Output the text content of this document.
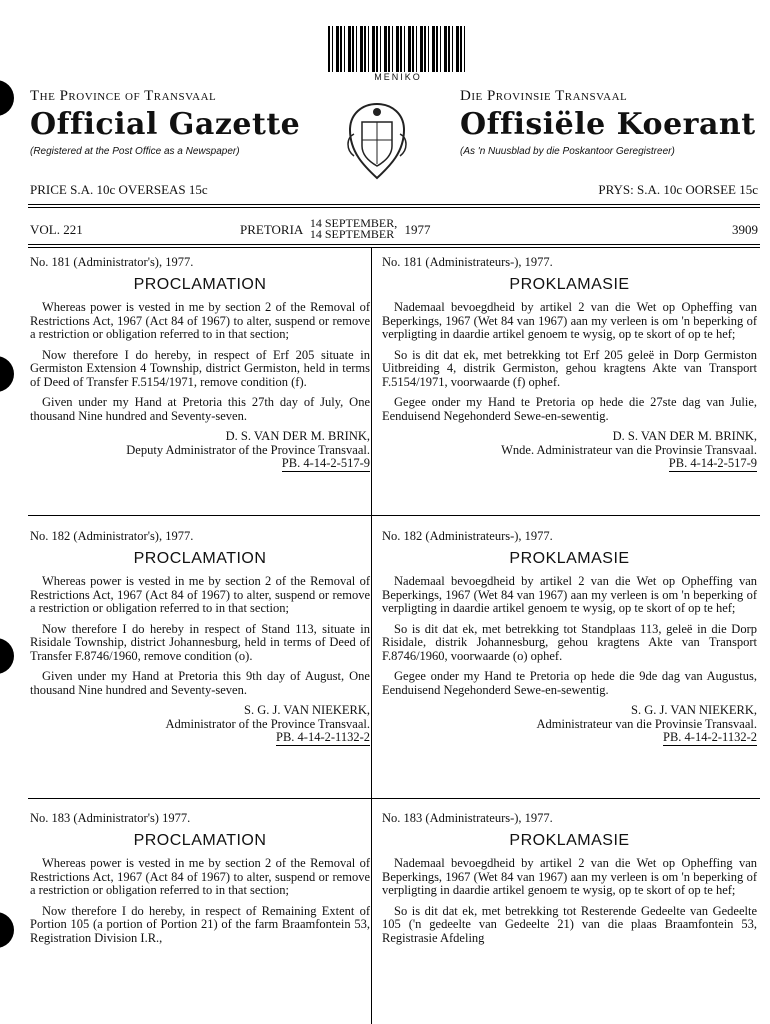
MENIKO
The Province of Transvaal
Official Gazette
(Registered at the Post Office as a Newspaper)
Die Provinsie Transvaal
Offisiële Koerant
(As 'n Nuusblad by die Poskantoor Geregistreer)
PRICE S.A. 10c OVERSEAS 15c	PRYS: S.A. 10c OORSEE 15c
VOL. 221	PRETORIA 14 SEPTEMBER,
14 SEPTEMBER 1977	3909
No. 181 (Administrator's), 1977.
PROCLAMATION

Whereas power is vested in me by section 2 of the Removal of Restrictions Act, 1967 (Act 84 of 1967) to alter, suspend or remove a restriction or obligation referred to in that section;

Now therefore I do hereby, in respect of Erf 205 situate in Germiston Extension 4 Township, district Germiston, held in terms of Deed of Transfer F.5154/1971, remove condition (f).

Given under my Hand at Pretoria this 27th day of July, One thousand Nine hundred and Seventy-seven.

D. S. VAN DER M. BRINK,
Deputy Administrator of the Province Transvaal.
PB. 4-14-2-517-9
No. 181 (Administrateurs-), 1977.
PROKLAMASIE

Nademaal bevoegdheid by artikel 2 van die Wet op Opheffing van Beperkings, 1967 (Wet 84 van 1967) aan my verleen is om 'n beperking of verpligting in daardie artikel genoem te wysig, op te skort of op te hef;

So is dit dat ek, met betrekking tot Erf 205 geleë in Dorp Germiston Uitbreiding 4, distrik Germiston, gehou kragtens Akte van Transport F.5154/1971, voorwaarde (f) ophef.

Gegee onder my Hand te Pretoria op hede die 27ste dag van Julie, Eenduisend Negehonderd Sewe-en-sewentig.

D. S. VAN DER M. BRINK,
Wnde. Administrateur van die Provinsie Transvaal.
PB. 4-14-2-517-9
No. 182 (Administrator's), 1977.
PROCLAMATION

Whereas power is vested in me by section 2 of the Removal of Restrictions Act, 1967 (Act 84 of 1967) to alter, suspend or remove a restriction or obligation referred to in that section;

Now therefore I do hereby in respect of Stand 113, situate in Risidale Township, district Johannesburg, held in terms of Deed of Transfer F.8746/1960, remove condition (o).

Given under my Hand at Pretoria this 9th day of August, One thousand Nine hundred and Seventy-seven.

S. G. J. VAN NIEKERK,
Administrator of the Province Transvaal.
PB. 4-14-2-1132-2
No. 182 (Administrateurs-), 1977.
PROKLAMASIE

Nademaal bevoegdheid by artikel 2 van die Wet op Opheffing van Beperkings, 1967 (Wet 84 van 1967) aan my verleen is om 'n beperking of verpligting in daardie artikel genoem te wysig, op te skort of op te hef;

So is dit dat ek, met betrekking tot Standplaas 113, geleë in die Dorp Risidale, distrik Johannesburg, gehou kragtens Akte van Transport F.8746/1960, voorwaarde (o) ophef.

Gegee onder my Hand te Pretoria op hede die 9de dag van Augustus, Eenduisend Negehonderd Sewe-en-sewentig.

S. G. J. VAN NIEKERK,
Administrateur van die Provinsie Transvaal.
PB. 4-14-2-1132-2
No. 183 (Administrator's) 1977.
PROCLAMATION

Whereas power is vested in me by section 2 of the Removal of Restrictions Act, 1967 (Act 84 of 1967) to alter, suspend or remove a restriction or obligation referred to in that section;

Now therefore I do hereby, in respect of Remaining Extent of Portion 105 (a portion of Portion 21) of the farm Braamfontein 53, Registration Division I.R.,

No. 183 (Administrateurs-), 1977.
PROKLAMASIE

Nademaal bevoegdheid by artikel 2 van die Wet op Opheffing van Beperkings, 1967 (Wet 84 van 1967) aan my verleen is om 'n beperking of verpligting in daardie artikel genoem te wysig, op te skort of op te hef;

So is dit dat ek, met betrekking tot Resterende Gedeelte van Gedeelte 105 ('n gedeelte van Gedeelte 21) van die plaas Braamfontein 53, Registrasie Afdeling
